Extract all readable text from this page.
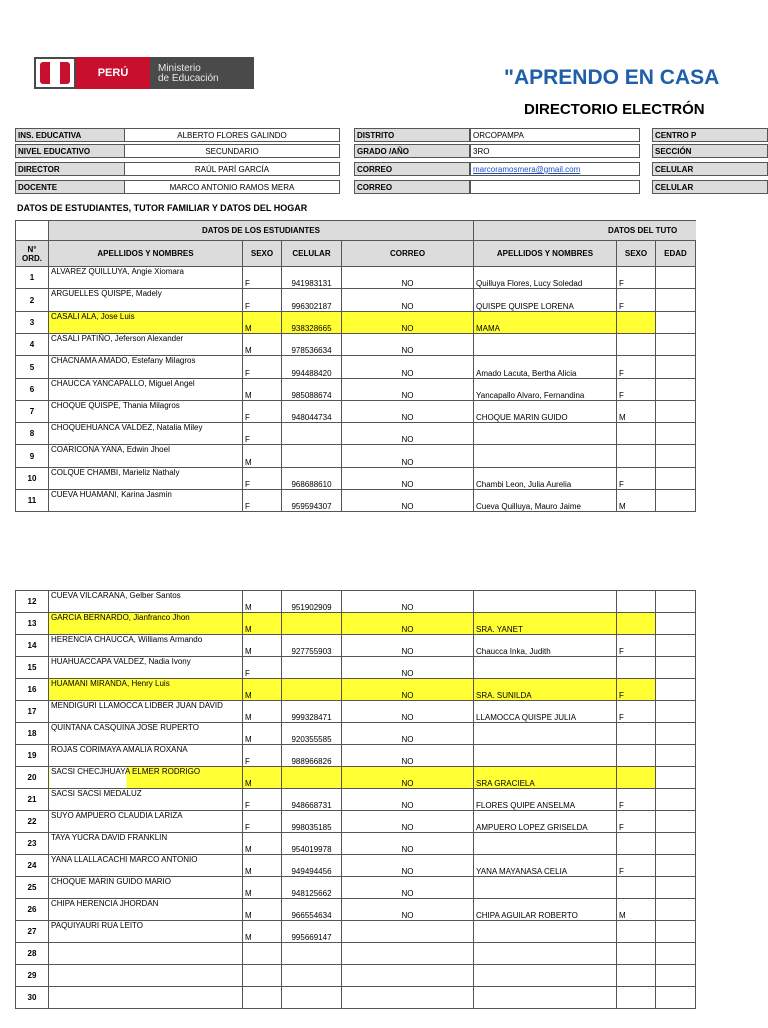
PERÚ	Ministerio
de Educación	"APRENDO EN CASA
DIRECTORIO ELECTRÓN
INS. EDUCATIVA	ALBERTO FLORES GALINDO
NIVEL EDUCATIVO	SECUNDARIO
DIRECTOR	RAÚL PARÍ GARCÍA
DOCENTE	MARCO ANTONIO RAMOS MERA
DISTRITO	ORCOPAMPA
GRADO /AÑO	3RO
CORREO	marcoramosmera@gmail.com
CORREO
CENTRO P
SECCIÓN
CELULAR
CELULAR
DATOS DE ESTUDIANTES, TUTOR FAMILIAR Y DATOS DEL HOGAR
	DATOS DE LOS ESTUDIANTES				DATOS DEL TUTO			
N° ORD.	APELLIDOS Y NOMBRES	SEXO	CELULAR	CORREO	APELLIDOS Y NOMBRES	SEXO	EDAD	
1	ALVAREZ QUILLUYA, Angie Xiomara	F	941983131	NO	Quilluya Flores, Lucy Soledad	F		
2	ARGUELLES QUISPE, Madely	F	996302187	NO	QUISPE QUISPE LORENA	F		
3	CASALI ALA, Jose Luis	M	938328665	NO	MAMA			
4	CASALI PATIÑO, Jeferson Alexander	M	978536634	NO				
5	CHACNAMA AMADO, Estefany Milagros	F	994488420	NO	Amado Lacuta, Bertha Alicia	F		
6	CHAUCCA YANCAPALLO, Miguel Angel	M	985088674	NO	Yancapallo Alvaro, Fernandina	F		
7	CHOQUE QUISPE, Thania Milagros	F	948044734	NO	CHOQUE MARIN GUIDO	M		
8	CHOQUEHUANCA VALDEZ, Natalia Miley	F		NO				
9	COARICONA YANA, Edwin Jhoel	M		NO				
10	COLQUE CHAMBI, Marieliz Nathaly	F	968688610	NO	Chambi Leon, Julia Aurelia	F		
11	CUEVA HUAMANI, Karina Jasmin	F	959594307	NO	Cueva Quilluya, Mauro Jaime	M		
12	CUEVA VILCARANA, Gelber Santos	M	951902909	NO				
13	GARCIA BERNARDO, Jianfranco Jhon	M		NO	SRA. YANET			
14	HERENCIA CHAUCCA, Williams Armando	M	927755903	NO	Chaucca Inka, Judith	F		
15	HUAHUACCAPA VALDEZ, Nadia Ivony	F		NO				
16	HUAMANI MIRANDA, Henry Luis	M		NO	SRA. SUNILDA	F		
17	MENDIGURI LLAMOCCA LIDBER JUAN DAVID	M	999328471	NO	LLAMOCCA QUISPE JULIA	F		
18	QUINTANA CASQUINA JOSE RUPERTO	M	920355585	NO				
19	ROJAS CORIMAYA AMALIA ROXANA	F	988966826	NO				
20	SACSI CHECJHUAYA ELMER RODRIGO	M		NO	SRA GRACIELA			
21	SACSI SACSI MEDALUZ	F	948668731	NO	FLORES QUIPE ANSELMA	F		
22	SUYO AMPUERO CLAUDIA LARIZA	F	998035185	NO	AMPUERO LOPEZ GRISELDA	F		
23	TAYA YUCRA DAVID FRANKLIN	M	954019978	NO				
24	YANA LLALLACACHI MARCO ANTONIO	M	949494456	NO	YANA MAYANASA CELIA	F		
25	CHOQUE MARIN GUIDO MARIO	M	948125662	NO				
26	CHIPA HERENCIA JHORDAN	M	966554634	NO	CHIPA AGUILAR ROBERTO	M		
27	PAQUIYAURI RUA LEITO	M	995669147					
28								
29								
30								
